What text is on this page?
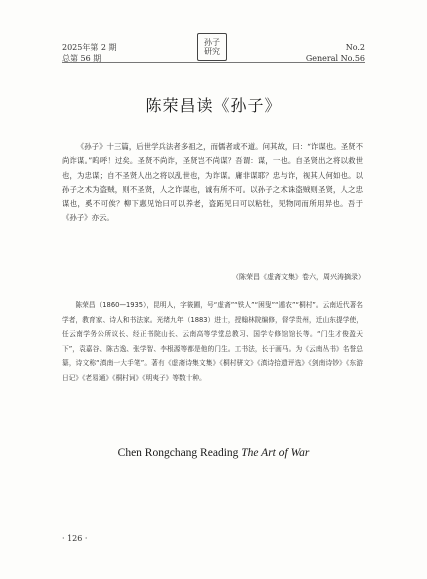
2025年第 2 期
总第 56 期
孙子
研究	No.2
General No.56
陈荣昌读《孙子》

《孙子》十三篇，后世学兵法者多祖之，而儒者或不道。问其故，曰：“诈谋也。圣贤不尚诈谋。”呜呼！过矣。圣贤不尚诈，圣贤岂不尚谋？吾谓：谋，一也。自圣贤出之将以救世也，为忠谋；自不圣贤人出之将以乱世也，为诈谋。庸非谋耶？忠与诈，视其人何如也。以孙子之术为盗贼，则不圣贤，人之诈谋也，诚有所不可。以孙子之术诛盗贼则圣贤，人之忠谋也，奚不可俟？柳下惠见饴曰可以养老，盗跖见曰可以粘牡，见物同而所用异也。吾于《孙子》亦云。

（陈荣昌《虚斋文集》卷六，周兴涛摘录）

陈荣昌（1860—1935），昆明人，字筱圃，号“虚斋”“铁人”“困叟”“遁农”“桐村”。云南近代著名学者，教育家、诗人和书法家。光绪九年（1883）进士，授翰林院编修，督学贵州，迁山东提学使，任云南学务公所议长、经正书院山长、云南高等学堂总教习、国学专修馆馆长等。“门生才俊盈天下”，袁嘉谷、陈古逸、张学智、李根源等都是他的门生。工书法，长于画马。为《云南丛书》名誉总纂，诗文称“滇南一大手笔”。著有《虚斋诗集文集》《桐村骈文》《滇诗拾遗评选》《剑南诗钞》《东游日记》《老易通》《桐村词》《明夷子》等数十种。

Chen Rongchang Reading The Art of War
· 126 ·
